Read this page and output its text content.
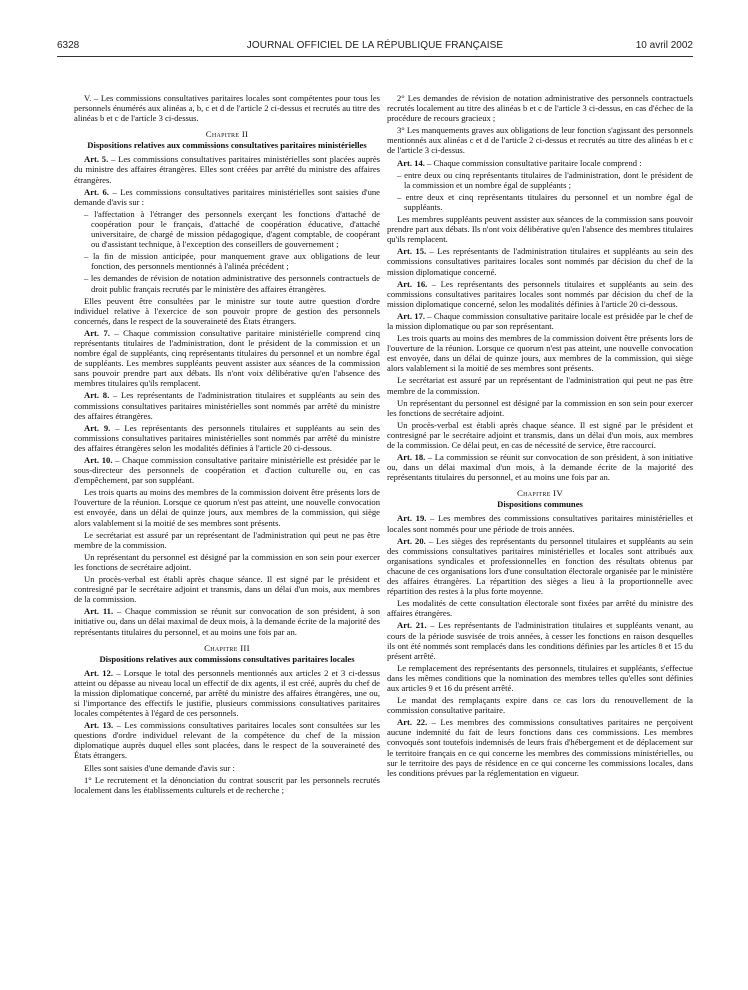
6328	JOURNAL OFFICIEL DE LA RÉPUBLIQUE FRANÇAISE	10 avril 2002

V. – Les commissions consultatives paritaires locales sont compétentes pour tous les personnels énumérés aux alinéas a, b, c et d de l'article 2 ci-dessus et recrutés au titre des alinéas b et c de l'article 3 ci-dessus.

Chapitre II
Dispositions relatives aux commissions consultatives paritaires ministérielles

Art. 5. – Les commissions consultatives paritaires ministérielles sont placées auprès du ministre des affaires étrangères. Elles sont créées par arrêté du ministre des affaires étrangères.

Art. 6. – Les commissions consultatives paritaires ministérielles sont saisies d'une demande d'avis sur :

– l'affectation à l'étranger des personnels exerçant les fonctions d'attaché de coopération pour le français, d'attaché de coopération éducative, d'attaché universitaire, de chargé de mission pédagogique, d'agent comptable, de coopérant ou d'assistant technique, à l'exception des conseillers de gouvernement ;

– la fin de mission anticipée, pour manquement grave aux obligations de leur fonction, des personnels mentionnés à l'alinéa précédent ;

– les demandes de révision de notation administrative des personnels contractuels de droit public français recrutés par le ministère des affaires étrangères.

Elles peuvent être consultées par le ministre sur toute autre question d'ordre individuel relative à l'exercice de son pouvoir propre de gestion des personnels concernés, dans le respect de la souveraineté des États étrangers.

Art. 7. – Chaque commission consultative paritaire ministérielle comprend cinq représentants titulaires de l'administration, dont le président de la commission et un nombre égal de suppléants, cinq représentants titulaires du personnel et un nombre égal de suppléants. Les membres suppléants peuvent assister aux séances de la commission sans pouvoir prendre part aux débats. Ils n'ont voix délibérative qu'en l'absence des membres titulaires qu'ils remplacent.

Art. 8. – Les représentants de l'administration titulaires et suppléants au sein des commissions consultatives paritaires ministérielles sont nommés par arrêté du ministre des affaires étrangères.

Art. 9. – Les représentants des personnels titulaires et suppléants au sein des commissions consultatives paritaires ministérielles sont nommés par arrêté du ministre des affaires étrangères selon les modalités définies à l'article 20 ci-dessous.

Art. 10. – Chaque commission consultative paritaire ministérielle est présidée par le sous-directeur des personnels de coopération et d'action culturelle ou, en cas d'empêchement, par son suppléant.

Les trois quarts au moins des membres de la commission doivent être présents lors de l'ouverture de la réunion. Lorsque ce quorum n'est pas atteint, une nouvelle convocation est envoyée, dans un délai de quinze jours, aux membres de la commission, qui siège alors valablement si la moitié de ses membres sont présents.

Le secrétariat est assuré par un représentant de l'administration qui peut ne pas être membre de la commission.

Un représentant du personnel est désigné par la commission en son sein pour exercer les fonctions de secrétaire adjoint.

Un procès-verbal est établi après chaque séance. Il est signé par le président et contresigné par le secrétaire adjoint et transmis, dans un délai d'un mois, aux membres de la commission.

Art. 11. – Chaque commission se réunit sur convocation de son président, à son initiative ou, dans un délai maximal de deux mois, à la demande écrite de la majorité des représentants titulaires du personnel, et au moins une fois par an.

Chapitre III
Dispositions relatives aux commissions consultatives paritaires locales

Art. 12. – Lorsque le total des personnels mentionnés aux articles 2 et 3 ci-dessus atteint ou dépasse au niveau local un effectif de dix agents, il est créé, auprès du chef de la mission diplomatique concerné, par arrêté du ministre des affaires étrangères, une ou, si l'importance des effectifs le justifie, plusieurs commissions consultatives paritaires locales compétentes à l'égard de ces personnels.

Art. 13. – Les commissions consultatives paritaires locales sont consultées sur les questions d'ordre individuel relevant de la compétence du chef de la mission diplomatique auprès duquel elles sont placées, dans le respect de la souveraineté des États étrangers.

Elles sont saisies d'une demande d'avis sur :

1° Le recrutement et la dénonciation du contrat souscrit par les personnels recrutés localement dans les établissements culturels et de recherche ;

2° Les demandes de révision de notation administrative des personnels contractuels recrutés localement au titre des alinéas b et c de l'article 3 ci-dessus, en cas d'échec de la procédure de recours gracieux ;

3° Les manquements graves aux obligations de leur fonction s'agissant des personnels mentionnés aux alinéas c et d de l'article 2 ci-dessus et recrutés au titre des alinéas b et c de l'article 3 ci-dessus.

Art. 14. – Chaque commission consultative paritaire locale comprend :

– entre deux ou cinq représentants titulaires de l'administration, dont le président de la commission et un nombre égal de suppléants ;

– entre deux et cinq représentants titulaires du personnel et un nombre égal de suppléants.

Les membres suppléants peuvent assister aux séances de la commission sans pouvoir prendre part aux débats. Ils n'ont voix délibérative qu'en l'absence des membres titulaires qu'ils remplacent.

Art. 15. – Les représentants de l'administration titulaires et suppléants au sein des commissions consultatives paritaires locales sont nommés par décision du chef de la mission diplomatique concerné.

Art. 16. – Les représentants des personnels titulaires et suppléants au sein des commissions consultatives paritaires locales sont nommés par décision du chef de la mission diplomatique concerné, selon les modalités définies à l'article 20 ci-dessous.

Art. 17. – Chaque commission consultative paritaire locale est présidée par le chef de la mission diplomatique ou par son représentant.

Les trois quarts au moins des membres de la commission doivent être présents lors de l'ouverture de la réunion. Lorsque ce quorum n'est pas atteint, une nouvelle convocation est envoyée, dans un délai de quinze jours, aux membres de la commission, qui siège alors valablement si la moitié de ses membres sont présents.

Le secrétariat est assuré par un représentant de l'administration qui peut ne pas être membre de la commission.

Un représentant du personnel est désigné par la commission en son sein pour exercer les fonctions de secrétaire adjoint.

Un procès-verbal est établi après chaque séance. Il est signé par le président et contresigné par le secrétaire adjoint et transmis, dans un délai d'un mois, aux membres de la commission. Ce délai peut, en cas de nécessité de service, être raccourci.

Art. 18. – La commission se réunit sur convocation de son président, à son initiative ou, dans un délai maximal d'un mois, à la demande écrite de la majorité des représentants titulaires du personnel, et au moins une fois par an.

Chapitre IV
Dispositions communes

Art. 19. – Les membres des commissions consultatives paritaires ministérielles et locales sont nommés pour une période de trois années.

Art. 20. – Les sièges des représentants du personnel titulaires et suppléants au sein des commissions consultatives paritaires ministérielles et locales sont attribués aux organisations syndicales et professionnelles en fonction des résultats obtenus par chacune de ces organisations lors d'une consultation électorale organisée par le ministère des affaires étrangères. La répartition des sièges a lieu à la proportionnelle avec répartition des restes à la plus forte moyenne.

Les modalités de cette consultation électorale sont fixées par arrêté du ministre des affaires étrangères.

Art. 21. – Les représentants de l'administration titulaires et suppléants venant, au cours de la période susvisée de trois années, à cesser les fonctions en raison desquelles ils ont été nommés sont remplacés dans les conditions définies par les articles 8 et 15 du présent arrêté.

Le remplacement des représentants des personnels, titulaires et suppléants, s'effectue dans les mêmes conditions que la nomination des membres telles qu'elles sont définies aux articles 9 et 16 du présent arrêté.

Le mandat des remplaçants expire dans ce cas lors du renouvellement de la commission consultative paritaire.

Art. 22. – Les membres des commissions consultatives paritaires ne perçoivent aucune indemnité du fait de leurs fonctions dans ces commissions. Les membres convoqués sont toutefois indemnisés de leurs frais d'hébergement et de déplacement sur le territoire français en ce qui concerne les membres des commissions ministérielles, ou sur le territoire des pays de résidence en ce qui concerne les commissions locales, dans les conditions prévues par la réglementation en vigueur.
